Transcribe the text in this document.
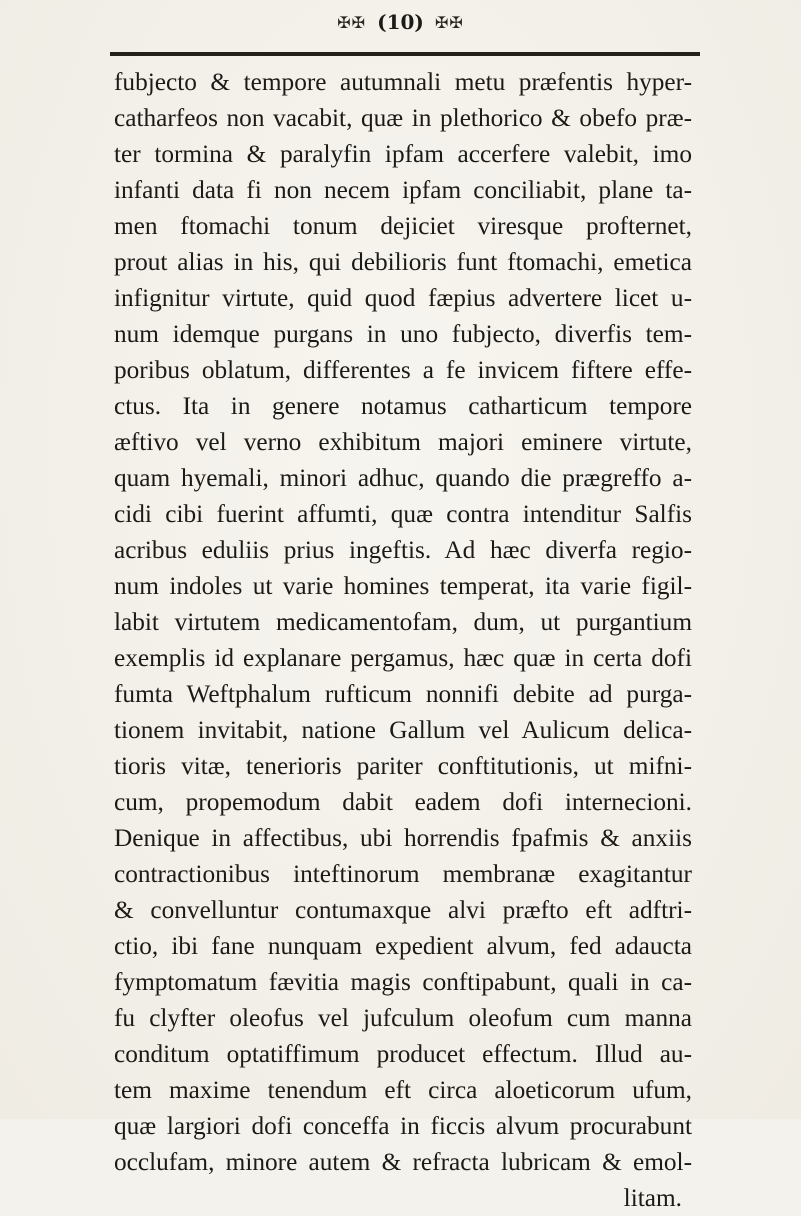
✠✠ (10) ✠✠
fubjecto & tempore autumnali metu præfentis hyper-
catharfeos non vacabit, quæ in plethorico & obefo præ-
ter tormina & paralyfin ipfam accerfere valebit, imo
infanti data fi non necem ipfam conciliabit, plane ta-
men ftomachi tonum dejiciet viresque profternet,
prout alias in his, qui debilioris funt ftomachi, emetica
infignitur virtute, quid quod fæpius advertere licet u-
num idemque purgans in uno fubjecto, diverfis tem-
poribus oblatum, differentes a fe invicem fiftere effe-
ctus. Ita in genere notamus catharticum tempore
æftivo vel verno exhibitum majori eminere virtute,
quam hyemali, minori adhuc, quando die prægreffo a-
cidi cibi fuerint affumti, quæ contra intenditur Salfis
acribus eduliis prius ingeftis. Ad hæc diverfa regio-
num indoles ut varie homines temperat, ita varie figil-
labit virtutem medicamentofam, dum, ut purgantium
exemplis id explanare pergamus, hæc quæ in certa dofi
fumta Weftphalum rufticum nonnifi debite ad purga-
tionem invitabit, natione Gallum vel Aulicum delica-
tioris vitæ, tenerioris pariter conftitutionis, ut mifni-
cum, propemodum dabit eadem dofi internecioni.
Denique in affectibus, ubi horrendis fpafmis & anxiis
contractionibus inteftinorum membranæ exagitantur
& convelluntur contumaxque alvi præfto eft adftri-
ctio, ibi fane nunquam expedient alvum, fed adaucta
fymptomatum fævitia magis conftipabunt, quali in ca-
fu clyfter oleofus vel jufculum oleofum cum manna
conditum optatiffimum producet effectum. Illud au-
tem maxime tenendum eft circa aloeticorum ufum,
quæ largiori dofi conceffa in ficcis alvum procurabunt
occlufam, minore autem & refracta lubricam & emol-
litam.
